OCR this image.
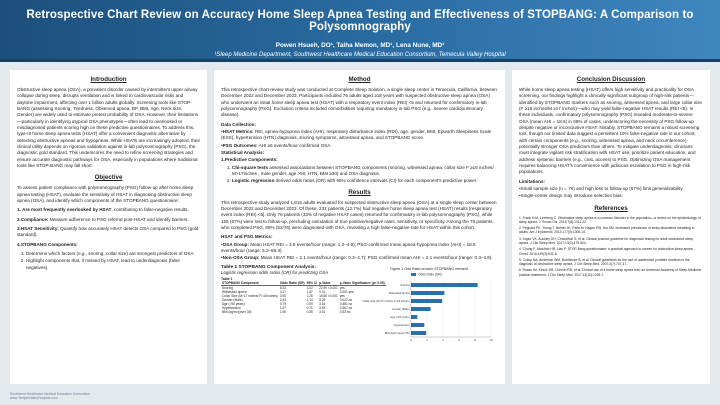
Retrospective Chart Review on Accuracy Home Sleep Apnea Testing and Effectiveness of STOPBANG: A Comparison to Polysomnography
Powen Hsueh, DO¹, Talha Memon, MD¹, Lena Nune, MD¹
¹Sleep Medicine Department, Southwest Healthcare Medical Education Consortium, Temecula Valley Hospital
Introduction

Obstructive sleep apnea (OSA), a prevalent disorder caused by intermittent upper airway collapse during sleep, disrupts ventilation and is linked to cardiovascular risks and daytime impairment, affecting over 1 billion adults globally. Screening tools like STOP-BANG (assessing Snoring, Tiredness, Observed apnea, BP, BMI, Age, Neck size, Gender) are widely used to estimate pretest probability of OSA. However, their limitations—particularly in identifying atypical OSA phenotypes—often lead to overlooked or misdiagnosed patients scoring high on these predictive questionnaires. To address this, type-III home sleep apnea tests (HSAT) offer a convenient diagnostic alternative by detecting obstructive apneas and hypopneas. While HSATs are increasingly adopted, their clinical utility depends on rigorous validation against in-lab polysomnography (PSG), the diagnostic gold standard. This underscores the need to refine screening strategies and ensure accurate diagnostic pathways for OSA, especially in populations where traditional tools like STOP-BANG may fall short.

Objective

To assess patient compliance with polysomnography (PSG) follow-up after home sleep apnea testing (HSAT), evaluate the sensitivity of HSAT in diagnosing obstructive sleep apnea (OSA), and identify which components of the STOPBANG questionnaire:

1. Are most frequently overlooked by HSAT, contributing to false-negative results.

2.Compliance: Measure adherence to PSG referral post-HSAT and identify barriers.

3.HSAT Sensitivity: Quantify how accurately HSAT detects OSA compared to PSG (gold standard).

4.STOPBANG Components:

1. Determine which factors (e.g., snoring, collar size) are strongest predictors of OSA.
2. Highlight components that, if missed by HSAT, lead to underdiagnosis (false negatives).
Method

This retrospective chart-review study was conducted at Complete Sleep Solution, a single sleep center in Temecula, California, between December 2022 and December 2023. Participants included 76 adults aged ≥18 years with suspected obstructive sleep apnea (OSA) who underwent an initial home sleep apnea test (HSAT) with a respiratory event index (REI) <5 and returned for confirmatory in-lab polysomnography (PSG). Exclusion criteria included comorbidities requiring mandatory in-lab PSG (e.g., severe cardiopulmonary disease).

Data Collection:

•HSAT Metrics: REI, apnea-hypopnea index (AHI), respiratory disturbance index (RDI), age, gender, BMI, Epworth Sleepiness Scale (ESS), hypertension (HTN) diagnosis, snoring symptoms, witnessed apnea, and STOPBANG score.

•PSG Outcomes: AHI ≥5 events/hour confirmed OSA.

Statistical Analysis:

1.Predictive Components:

1. Chi-square tests assessed associations between STOPBANG components (snoring, witnessed apnea, collar size F ≥16 inches/ M>17inches , male gender, age >50, HTN, BMI ≥30) and OSA diagnosis.
2. Logistic regression derived odds ratios (OR) with 95% confidence intervals (CI) for each component's predictive power.
Results

This retrospective study analyzed 1,815 adults evaluated for suspected obstructive sleep apnea (OSA) at a single sleep center between December 2022 and December 2023. Of these, 231 patients (12.7%) had negative home sleep apnea test (HSAT) results [respiratory event index (REI) <5]. Only 76 patients (33% of negative HSAT cases) returned for confirmatory in-lab polysomnography (PSG), while 155 (67%) were lost to follow-up, precluding calculation of true positive/negative rates, sensitivity, or specificity. Among the 76 patients who completed PSG, 68% (52/76) were diagnosed with OSA, revealing a high false-negative rate for HSAT within this cohort.

HSAT and PSG Metrics:

•OSA Group: Mean HSAT REI = 3.8 events/hour (range: 1.2–4.9); PSG-confirmed mean apnea-hypopnea index (AHI) = 18.6 events/hour (range: 5.2–69.3).

•Non-OSA Group: Mean HSAT REI = 2.1 events/hour (range: 0.3–4.7); PSG-confirmed mean AHI = 2.1 events/hour (range: 0.3–4.8).

Table 1 STOPBANG Component Analysis:
Logistic regression odds ratios (OR) for predicting OSA
Table 1
STOPBANG Component	Odds Ratio (OR)	95% CI	p-Value	p-Value Significance (p< 0.05)
Snoring	8.33	3.02	22.99 <0.001	yes
Witnessed apnea	4.17	1.87	9.31	0.001 yes
Collar Size (M>17 inches/ F>16 inches)	3.90	1.26	15.66 <0.001	yes
Gender (Male)	2.44	1.14	5.25	0.022 no
Age (>50 years)	0.79	0.09	3.16	0.481 no
Hypertension	1.67	0.71	3.93	0.367 no
BMI (kg/m²)(over 35)	1.90	0.56	3.51	0.53 no
Figure 1 Odd Ratio of each STOPBANG element
Odds Ratio (OR)
0	2	4	6	8	10
Snoring
Witnessed Apnea
Collar Size (M>17 inches/ F>16 inches)
Gender (Male)
Age (>50 years)
Hypertension
BMI (kg/m²)(over 35)
Conclusion Discussion

While home sleep apnea testing (HSAT) offers high sensitivity and practicality for OSA screening, our findings highlight a clinically significant subgroup of high-risk patients—identified by STOPBANG markers such as snoring, witnessed apnea, and large collar size (F ≥16 inches/M ≥17 inches)—who may yield false-negative HSAT results (REI <5). In these individuals, confirmatory polysomnography (PSG) revealed moderate-to-severe OSA (mean AHI = 18.6) in 68% of cases, underscoring the necessity of PSG follow-up despite negative or inconclusive HSAT. Notably, STOPBANG remains a robust screening tool, though our limited data suggest a persistent 10% false-negative rate in our cohort, with certain components (e.g., snoring, witnessed apnea, and neck circumference) potentially stronger OSA predictors than others. To mitigate underdiagnosis, clinicians must integrate vigilant risk stratification with HSAT use, prioritize patient education, and address systemic barriers (e.g., cost, access) to PSG. Optimizing OSA management requires balancing HSAT's convenience with judicious escalation to PSG in high-risk populations.

Limitations:

•Small sample size (n = 76) and high loss to follow-up (67%) limit generalizability.

•Single-center design may introduce selection bias.

References

1. Frank H.M, Lineberg C. Obstructive sleep apnea is a common disorder in the population—a review on the epidemiology of sleep apnea. J Thorac Dis. 2015;7(8):1311-22.

2. Peppard PE, Young T, Barnet JH, Palta M, Hagen EW, Hla KM. Increased prevalence of sleep-disordered breathing in adults. Am J Epidemiol. 2013;177(9):1006-14.

3. Kapur VK, Auckley DH, Chowdhuri S, et al. Clinical practice guideline for diagnostic testing for adult obstructive sleep apnea. J Clin Sleep Med. 2017;13(3):479-504.

4. Chung F, Abdullah HR, Liao P. STOP-Bang questionnaire: a practical approach to screen for obstructive sleep apnea. Chest. 2016;149(3):631-8.

5. Collop NA, Anderson WM, Boehlecke B, et al. Clinical guidelines for the use of unattended portable monitors in the diagnosis of obstructive sleep apnea. J Clin Sleep Med. 2007;3(7):737-47.

6. Rosen IM, Kirsch DB, Chervin RD, et al. Clinical use of a home sleep apnea test: an American Academy of Sleep Medicine position statement. J Clin Sleep Med. 2017;13(10):1205-7.

Southwest Healthcare Medical Education Consortium
www.TempleValleyHospital.com
